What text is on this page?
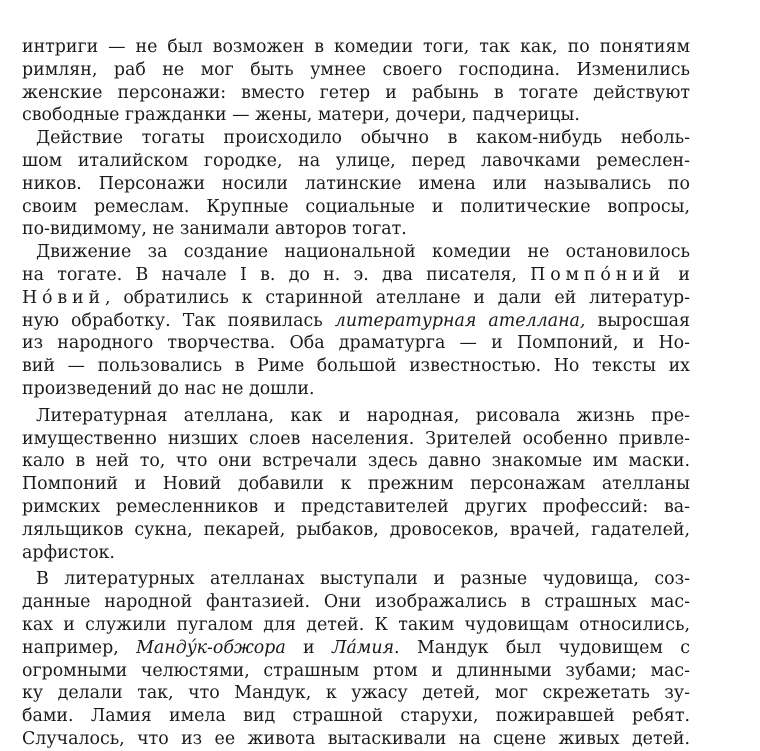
интриги — не был возможен в комедии тоги, так как, по понятиям
римлян, раб не мог быть умнее своего господина. Изменились
женские персонажи: вместо гетер и рабынь в тогате действуют
свободные гражданки — жены, матери, дочери, падчерицы.
Действие тогаты происходило обычно в каком-нибудь неболь-
шом италийском городке, на улице, перед лавочками ремеслен-
ников. Персонажи носили латинские имена или назывались по
своим ремеслам. Крупные социальные и политические вопросы,
по-видимому, не занимали авторов тогат.
Движение за создание национальной комедии не остановилось
на тогате. В начале I в. до н. э. два писателя, Помпóний и
Нóвий, обратились к старинной ателлане и дали ей литератур-
ную обработку. Так появилась литературная ателлана, выросшая
из народного творчества. Оба драматурга — и Помпоний, и Но-
вий — пользовались в Риме большой известностью. Но тексты их
произведений до нас не дошли.
Литературная ателлана, как и народная, рисовала жизнь пре-
имущественно низших слоев населения. Зрителей особенно привле-
кало в ней то, что они встречали здесь давно знакомые им маски.
Помпоний и Новий добавили к прежним персонажам ателланы
римских ремесленников и представителей других профессий: ва-
ляльщиков сукна, пекарей, рыбаков, дровосеков, врачей, гадателей,
арфисток.
В литературных ателланах выступали и разные чудовища, соз-
данные народной фантазией. Они изображались в страшных мас-
ках и служили пугалом для детей. К таким чудовищам относились,
например, Мандýк-обжора и Лáмия. Мандук был чудовищем с
огромными челюстями, страшным ртом и длинными зубами; мас-
ку делали так, что Мандук, к ужасу детей, мог скрежетать зу-
бами. Ламия имела вид страшной старухи, пожиравшей ребят.
Случалось, что из ее живота вытаскивали на сцене живых детей.
